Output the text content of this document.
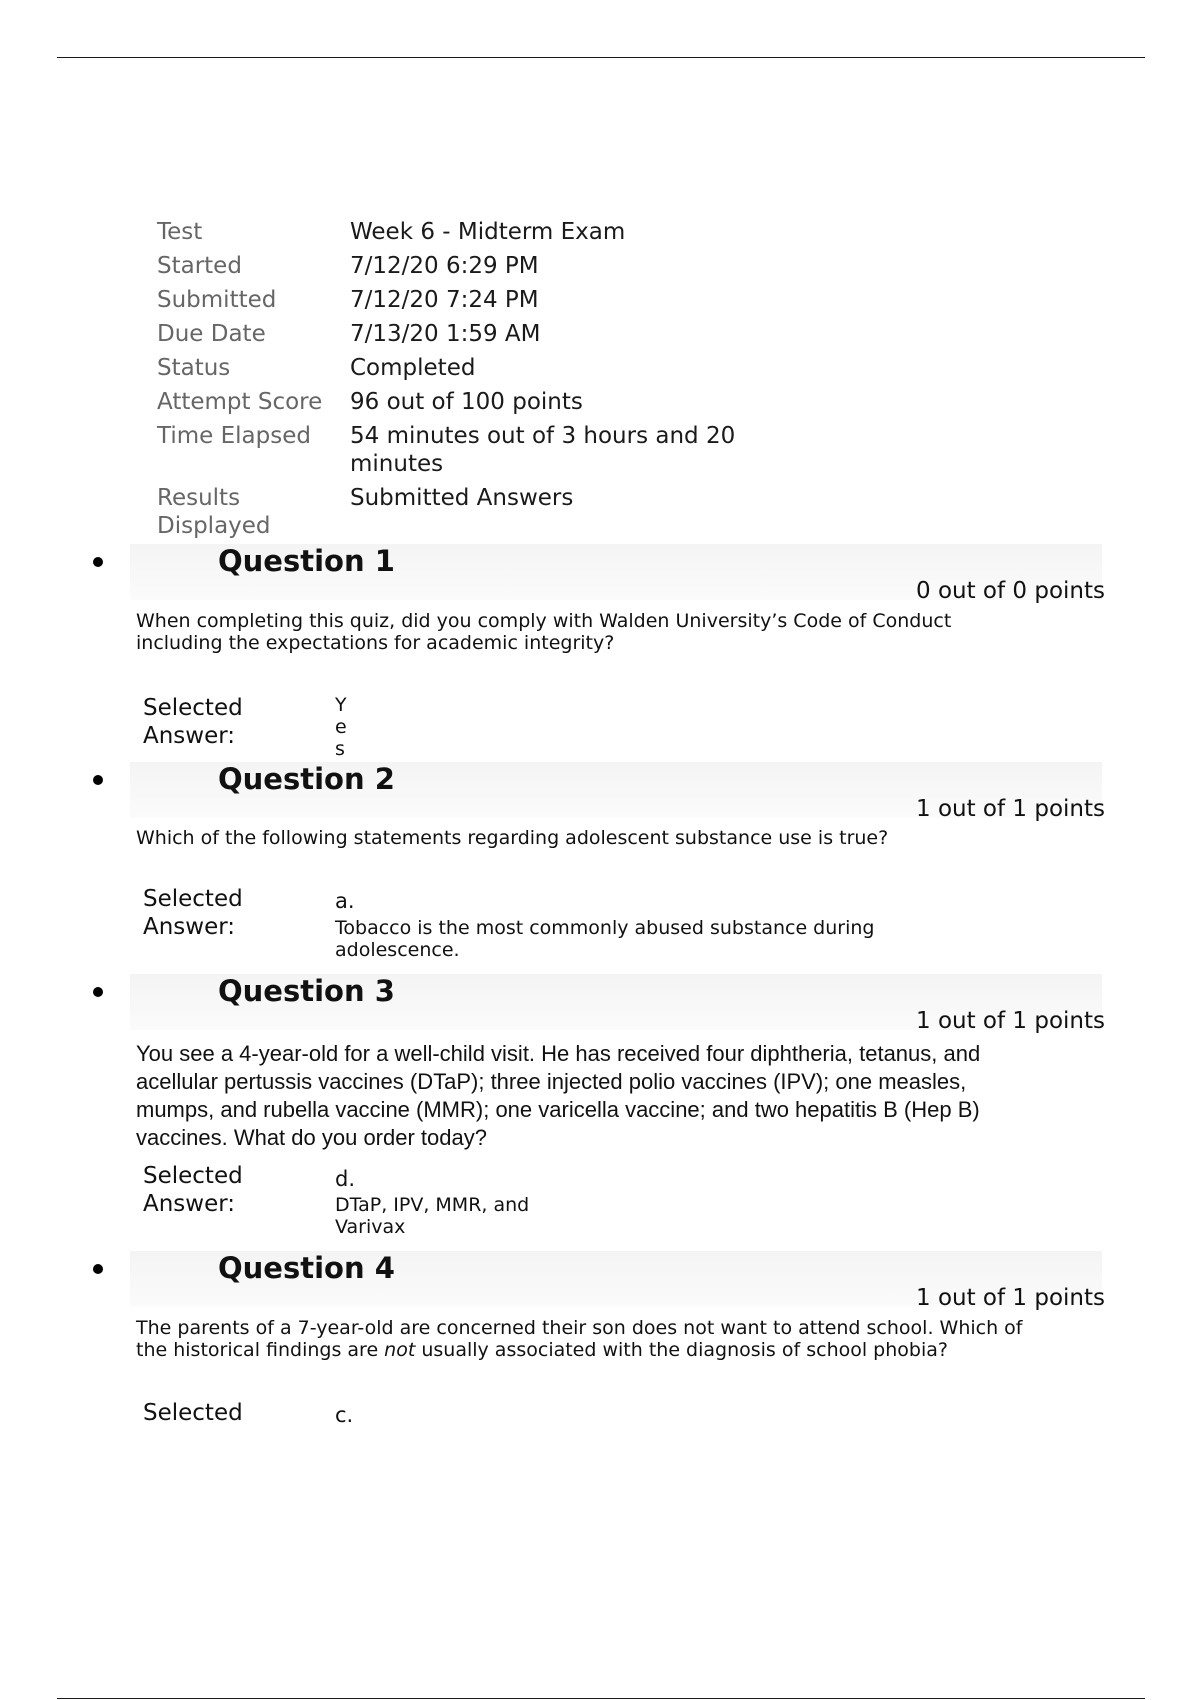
Test	Week 6 - Midterm Exam
Started	7/12/20 6:29 PM
Submitted	7/12/20 7:24 PM
Due Date	7/13/20 1:59 AM
Status	Completed
Attempt Score	96 out of 100 points
Time Elapsed	54 minutes out of 3 hours and 20 minutes
Results Displayed	Submitted Answers
Question 1
0 out of 0 points
When completing this quiz, did you comply with Walden University’s Code of Conduct including the expectations for academic integrity?
Selected Answer:
Yes
Question 2
1 out of 1 points
Which of the following statements regarding adolescent substance use is true?
Selected Answer:
a.
Tobacco is the most commonly abused substance during adolescence.
Question 3
1 out of 1 points
You see a 4-year-old for a well-child visit. He has received four diphtheria, tetanus, and acellular pertussis vaccines (DTaP); three injected polio vaccines (IPV); one measles, mumps, and rubella vaccine (MMR); one varicella vaccine; and two hepatitis B (Hep B) vaccines. What do you order today?
Selected Answer:
d.
DTaP, IPV, MMR, and Varivax
Question 4
1 out of 1 points
The parents of a 7-year-old are concerned their son does not want to attend school. Which of the historical findings are not usually associated with the diagnosis of school phobia?
Selected	c.
